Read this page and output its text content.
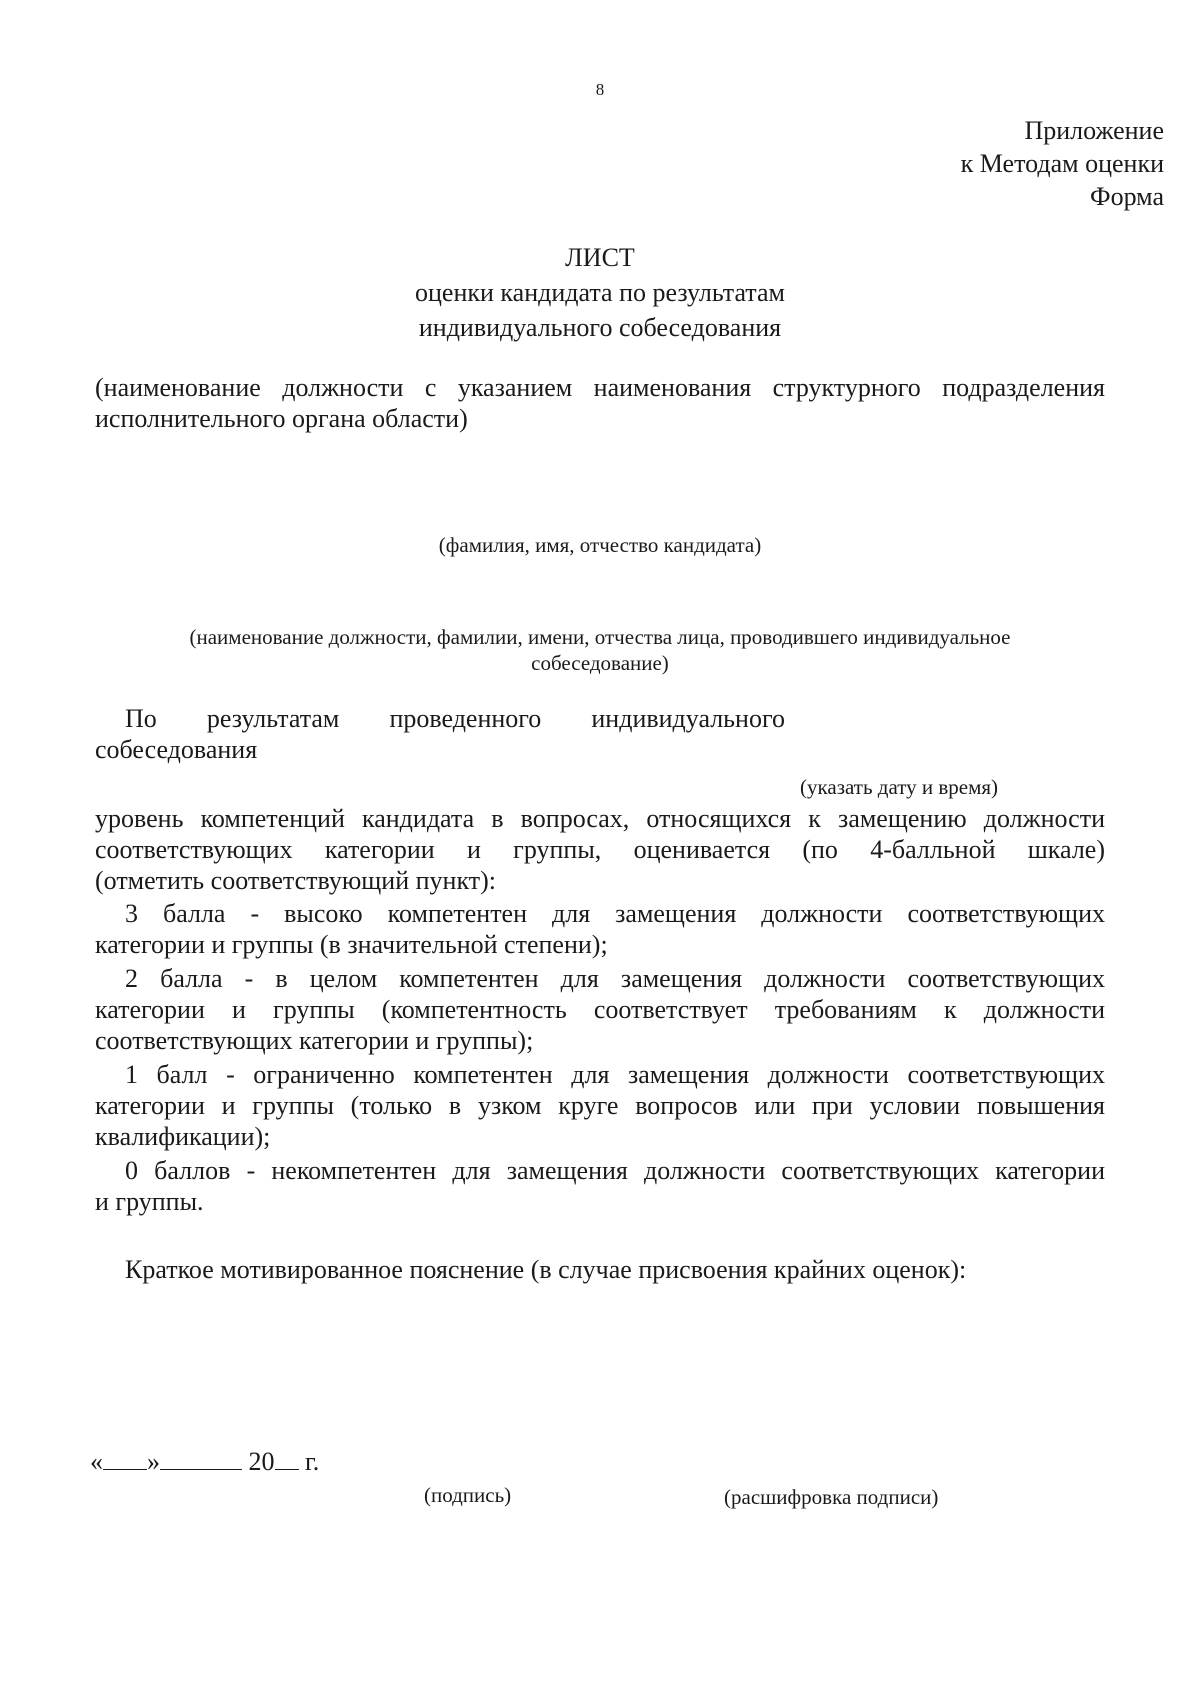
8
Приложение
к Методам оценки
Форма
ЛИСТ
оценки кандидата по результатам
индивидуального собеседования
(наименование должности с указанием наименования структурного подразделения
исполнительного органа области)
(фамилия, имя, отчество кандидата)
(наименование должности, фамилии, имени, отчества лица, проводившего индивидуальное
собеседование)
По результатам проведенного индивидуального
собеседования
(указать дату и время)
уровень компетенций кандидата в вопросах, относящихся к замещению должности
соответствующих категории и группы, оценивается (по 4-балльной шкале)
(отметить соответствующий пункт):
3 балла - высоко компетентен для замещения должности соответствующих
категории и группы (в значительной степени);
2 балла - в целом компетентен для замещения должности соответствующих
категории и группы (компетентность соответствует требованиям к должности
соответствующих категории и группы);
1 балл - ограниченно компетентен для замещения должности соответствующих
категории и группы (только в узком круге вопросов или при условии повышения
квалификации);
0 баллов - некомпетентен для замещения должности соответствующих категории
и группы.
Краткое мотивированное пояснение (в случае присвоения крайних оценок):
« »	20 г.
(подпись)	(расшифровка подписи)
